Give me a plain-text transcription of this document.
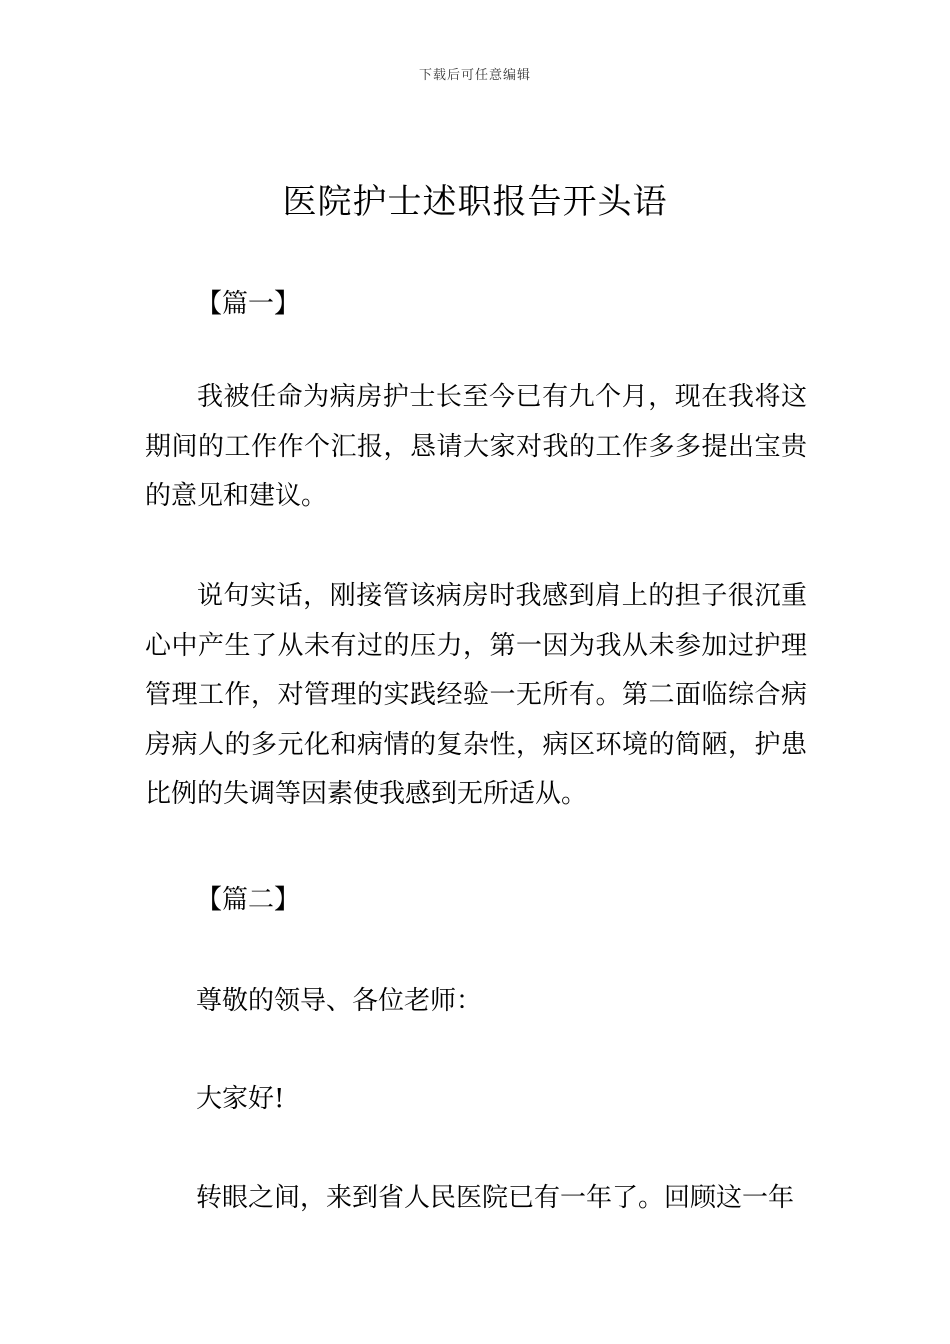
下载后可任意编辑
医院护士述职报告开头语
【篇一】

我被任命为病房护士长至今已有九个月，现在我将这期间的工作作个汇报，恳请大家对我的工作多多提出宝贵的意见和建议。

说句实话，刚接管该病房时我感到肩上的担子很沉重心中产生了从未有过的压力，第一因为我从未参加过护理管理工作，对管理的实践经验一无所有。第二面临综合病房病人的多元化和病情的复杂性，病区环境的简陋，护患比例的失调等因素使我感到无所适从。

【篇二】

尊敬的领导、各位老师：

大家好!

转眼之间，来到省人民医院已有一年了。回顾这一年
